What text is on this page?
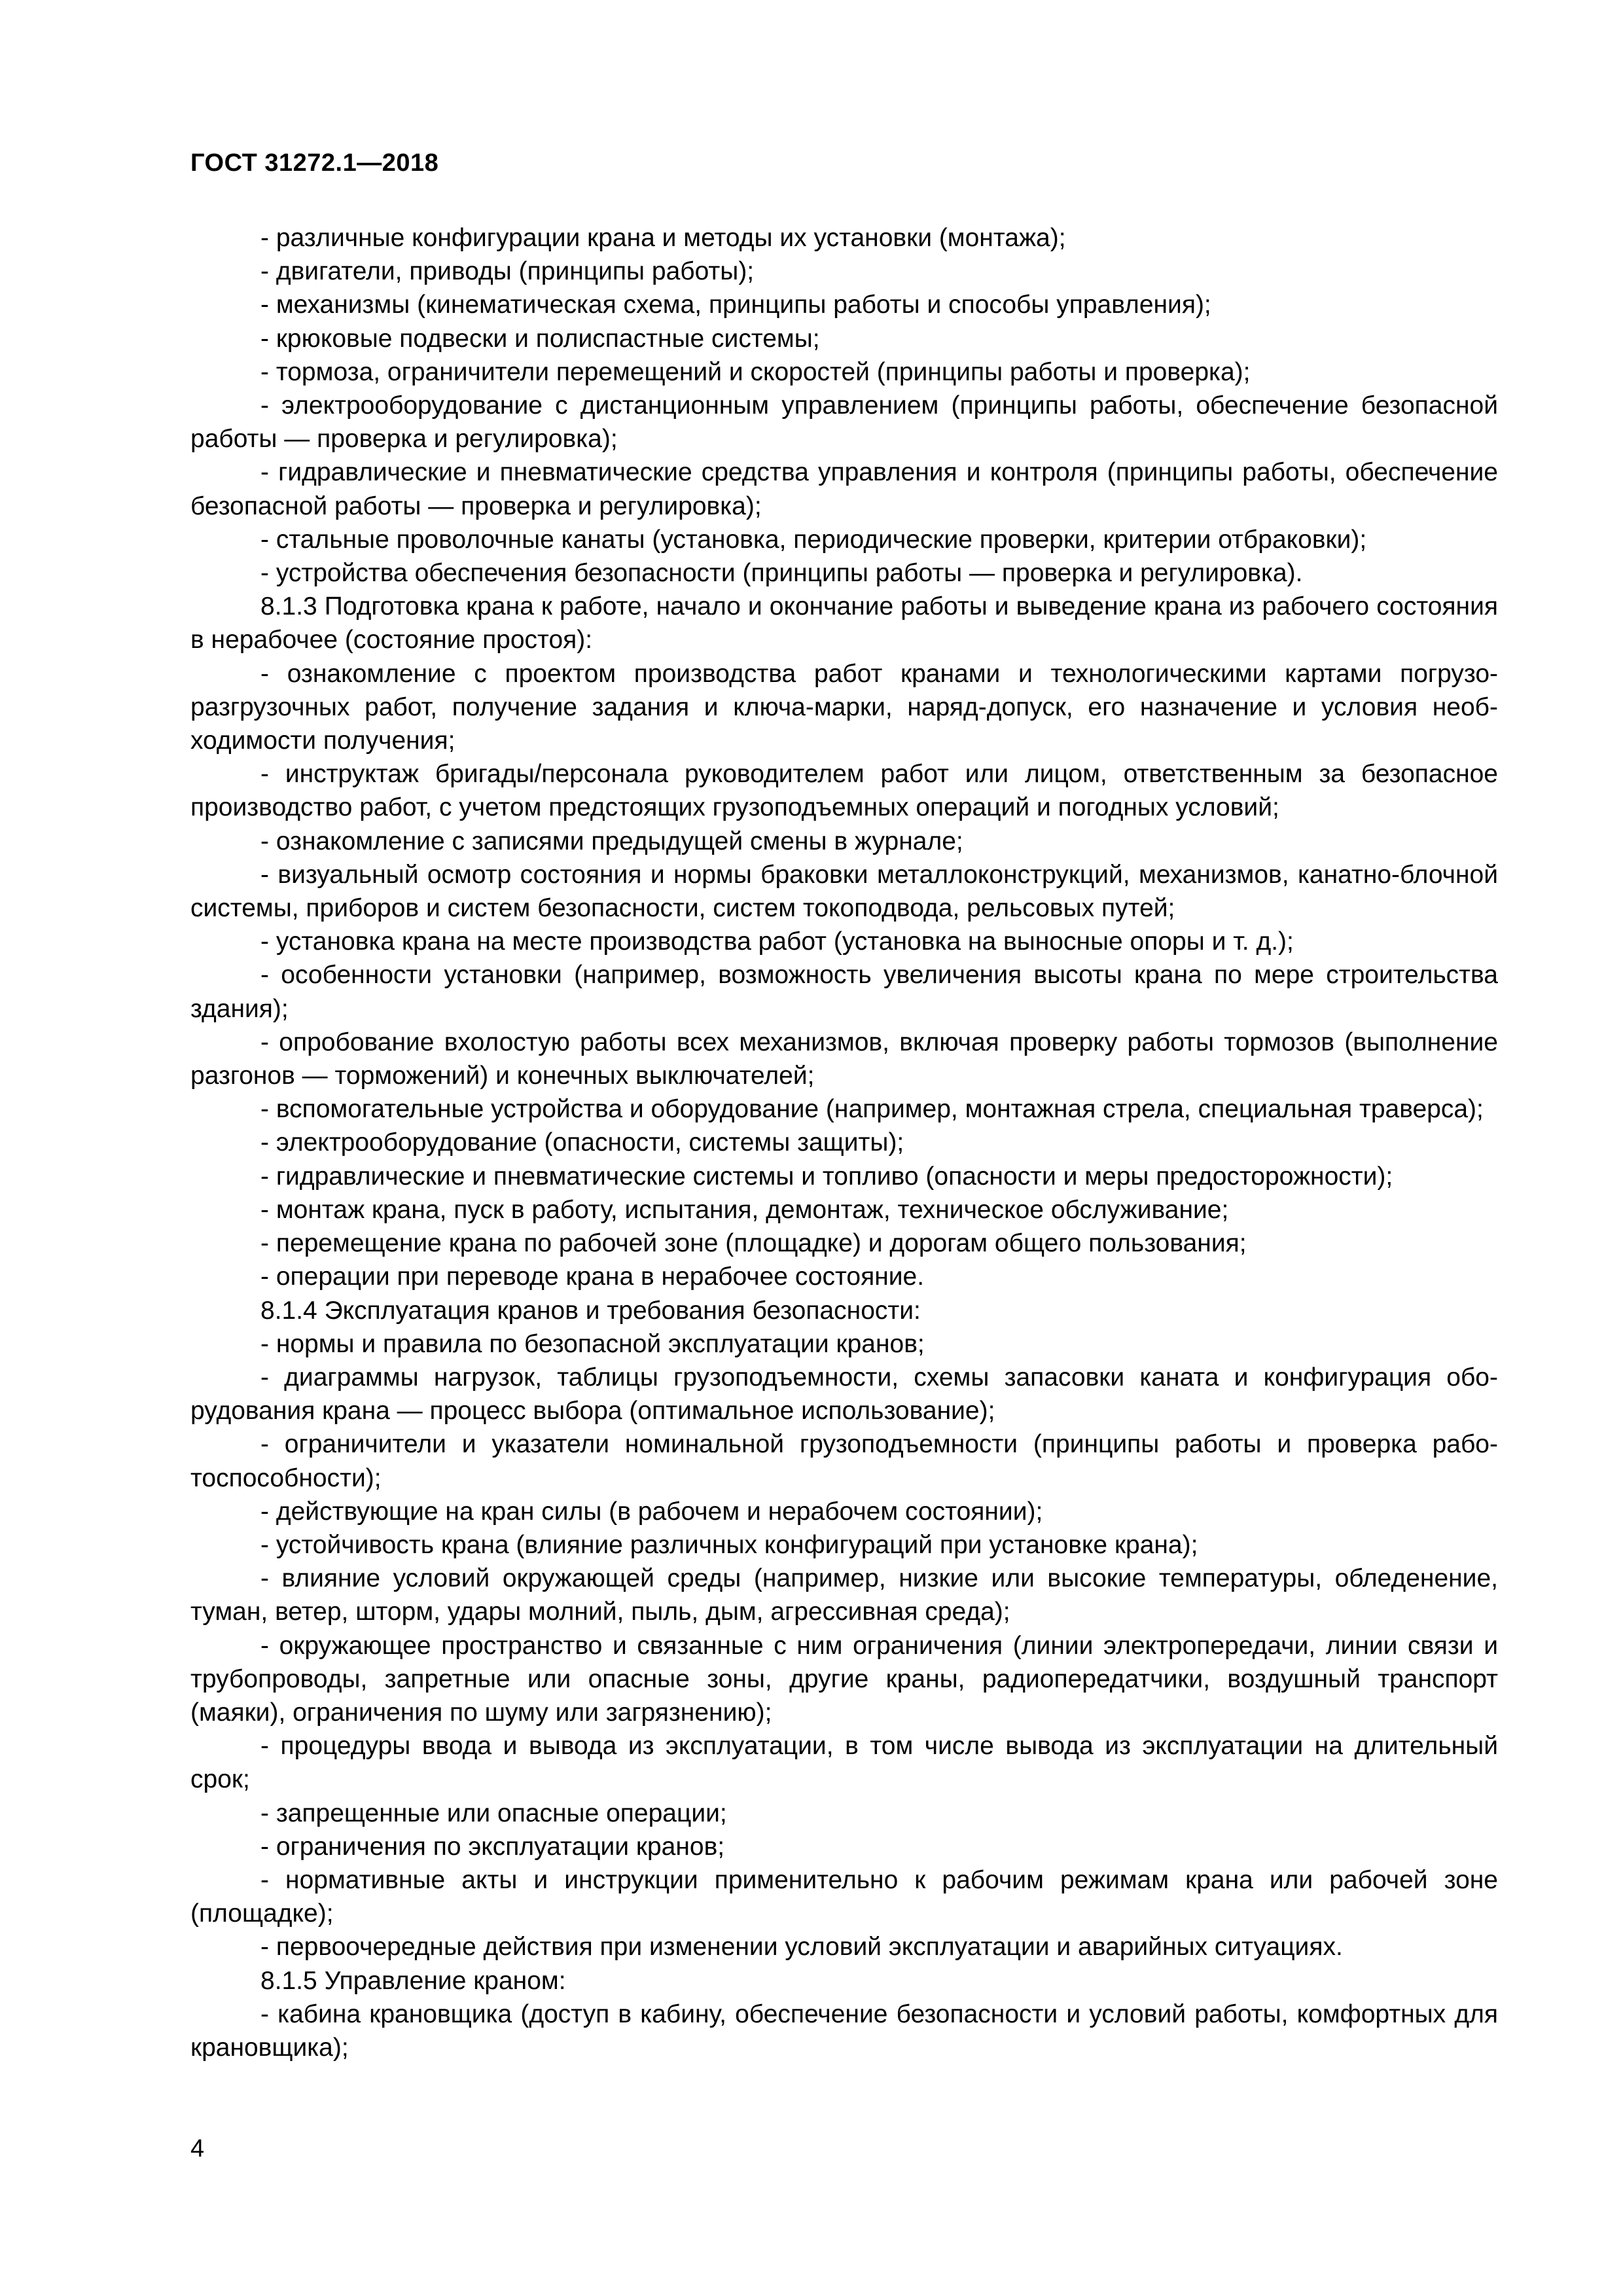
ГОСТ 31272.1—2018

- различные конфигурации крана и методы их установки (монтажа);

- двигатели, приводы (принципы работы);

- механизмы (кинематическая схема, принципы работы и способы управления);

- крюковые подвески и полиспастные системы;

- тормоза, ограничители перемещений и скоростей (принципы работы и проверка);

- электрооборудование с дистанционным управлением (принципы работы, обеспечение безопасной работы — проверка и регулировка);

- гидравлические и пневматические средства управления и контроля (принципы работы, обеспечение безопасной работы — проверка и регулировка);

- стальные проволочные канаты (установка, периодические проверки, критерии отбраковки);

- устройства обеспечения безопасности (принципы работы — проверка и регулировка).

8.1.3 Подготовка крана к работе, начало и окончание работы и выведение крана из рабочего состояния в нерабочее (состояние простоя):

- ознакомление с проектом производства работ кранами и технологическими картами погрузо-разгрузочных работ, получение задания и ключа-марки, наряд-допуск, его назначение и условия необходимости получения;

- инструктаж бригады/персонала руководителем работ или лицом, ответственным за безопасное производство работ, с учетом предстоящих грузоподъемных операций и погодных условий;

- ознакомление с записями предыдущей смены в журнале;

- визуальный осмотр состояния и нормы браковки металлоконструкций, механизмов, канатно-блочной системы, приборов и систем безопасности, систем токоподвода, рельсовых путей;

- установка крана на месте производства работ (установка на выносные опоры и т. д.);

- особенности установки (например, возможность увеличения высоты крана по мере строительства здания);

- опробование вхолостую работы всех механизмов, включая проверку работы тормозов (выполнение разгонов — торможений) и конечных выключателей;

- вспомогательные устройства и оборудование (например, монтажная стрела, специальная траверса);

- электрооборудование (опасности, системы защиты);

- гидравлические и пневматические системы и топливо (опасности и меры предосторожности);

- монтаж крана, пуск в работу, испытания, демонтаж, техническое обслуживание;

- перемещение крана по рабочей зоне (площадке) и дорогам общего пользования;

- операции при переводе крана в нерабочее состояние.

8.1.4 Эксплуатация кранов и требования безопасности:

- нормы и правила по безопасной эксплуатации кранов;

- диаграммы нагрузок, таблицы грузоподъемности, схемы запасовки каната и конфигурация оборудования крана — процесс выбора (оптимальное использование);

- ограничители и указатели номинальной грузоподъемности (принципы работы и проверка работоспособности);

- действующие на кран силы (в рабочем и нерабочем состоянии);

- устойчивость крана (влияние различных конфигураций при установке крана);

- влияние условий окружающей среды (например, низкие или высокие температуры, обледенение, туман, ветер, шторм, удары молний, пыль, дым, агрессивная среда);

- окружающее пространство и связанные с ним ограничения (линии электропередачи, линии связи и трубопроводы, запретные или опасные зоны, другие краны, радиопередатчики, воздушный транспорт (маяки), ограничения по шуму или загрязнению);

- процедуры ввода и вывода из эксплуатации, в том числе вывода из эксплуатации на длительный срок;

- запрещенные или опасные операции;

- ограничения по эксплуатации кранов;

- нормативные акты и инструкции применительно к рабочим режимам крана или рабочей зоне (площадке);

- первоочередные действия при изменении условий эксплуатации и аварийных ситуациях.

8.1.5 Управление краном:

- кабина крановщика (доступ в кабину, обеспечение безопасности и условий работы, комфортных для крановщика);

4
